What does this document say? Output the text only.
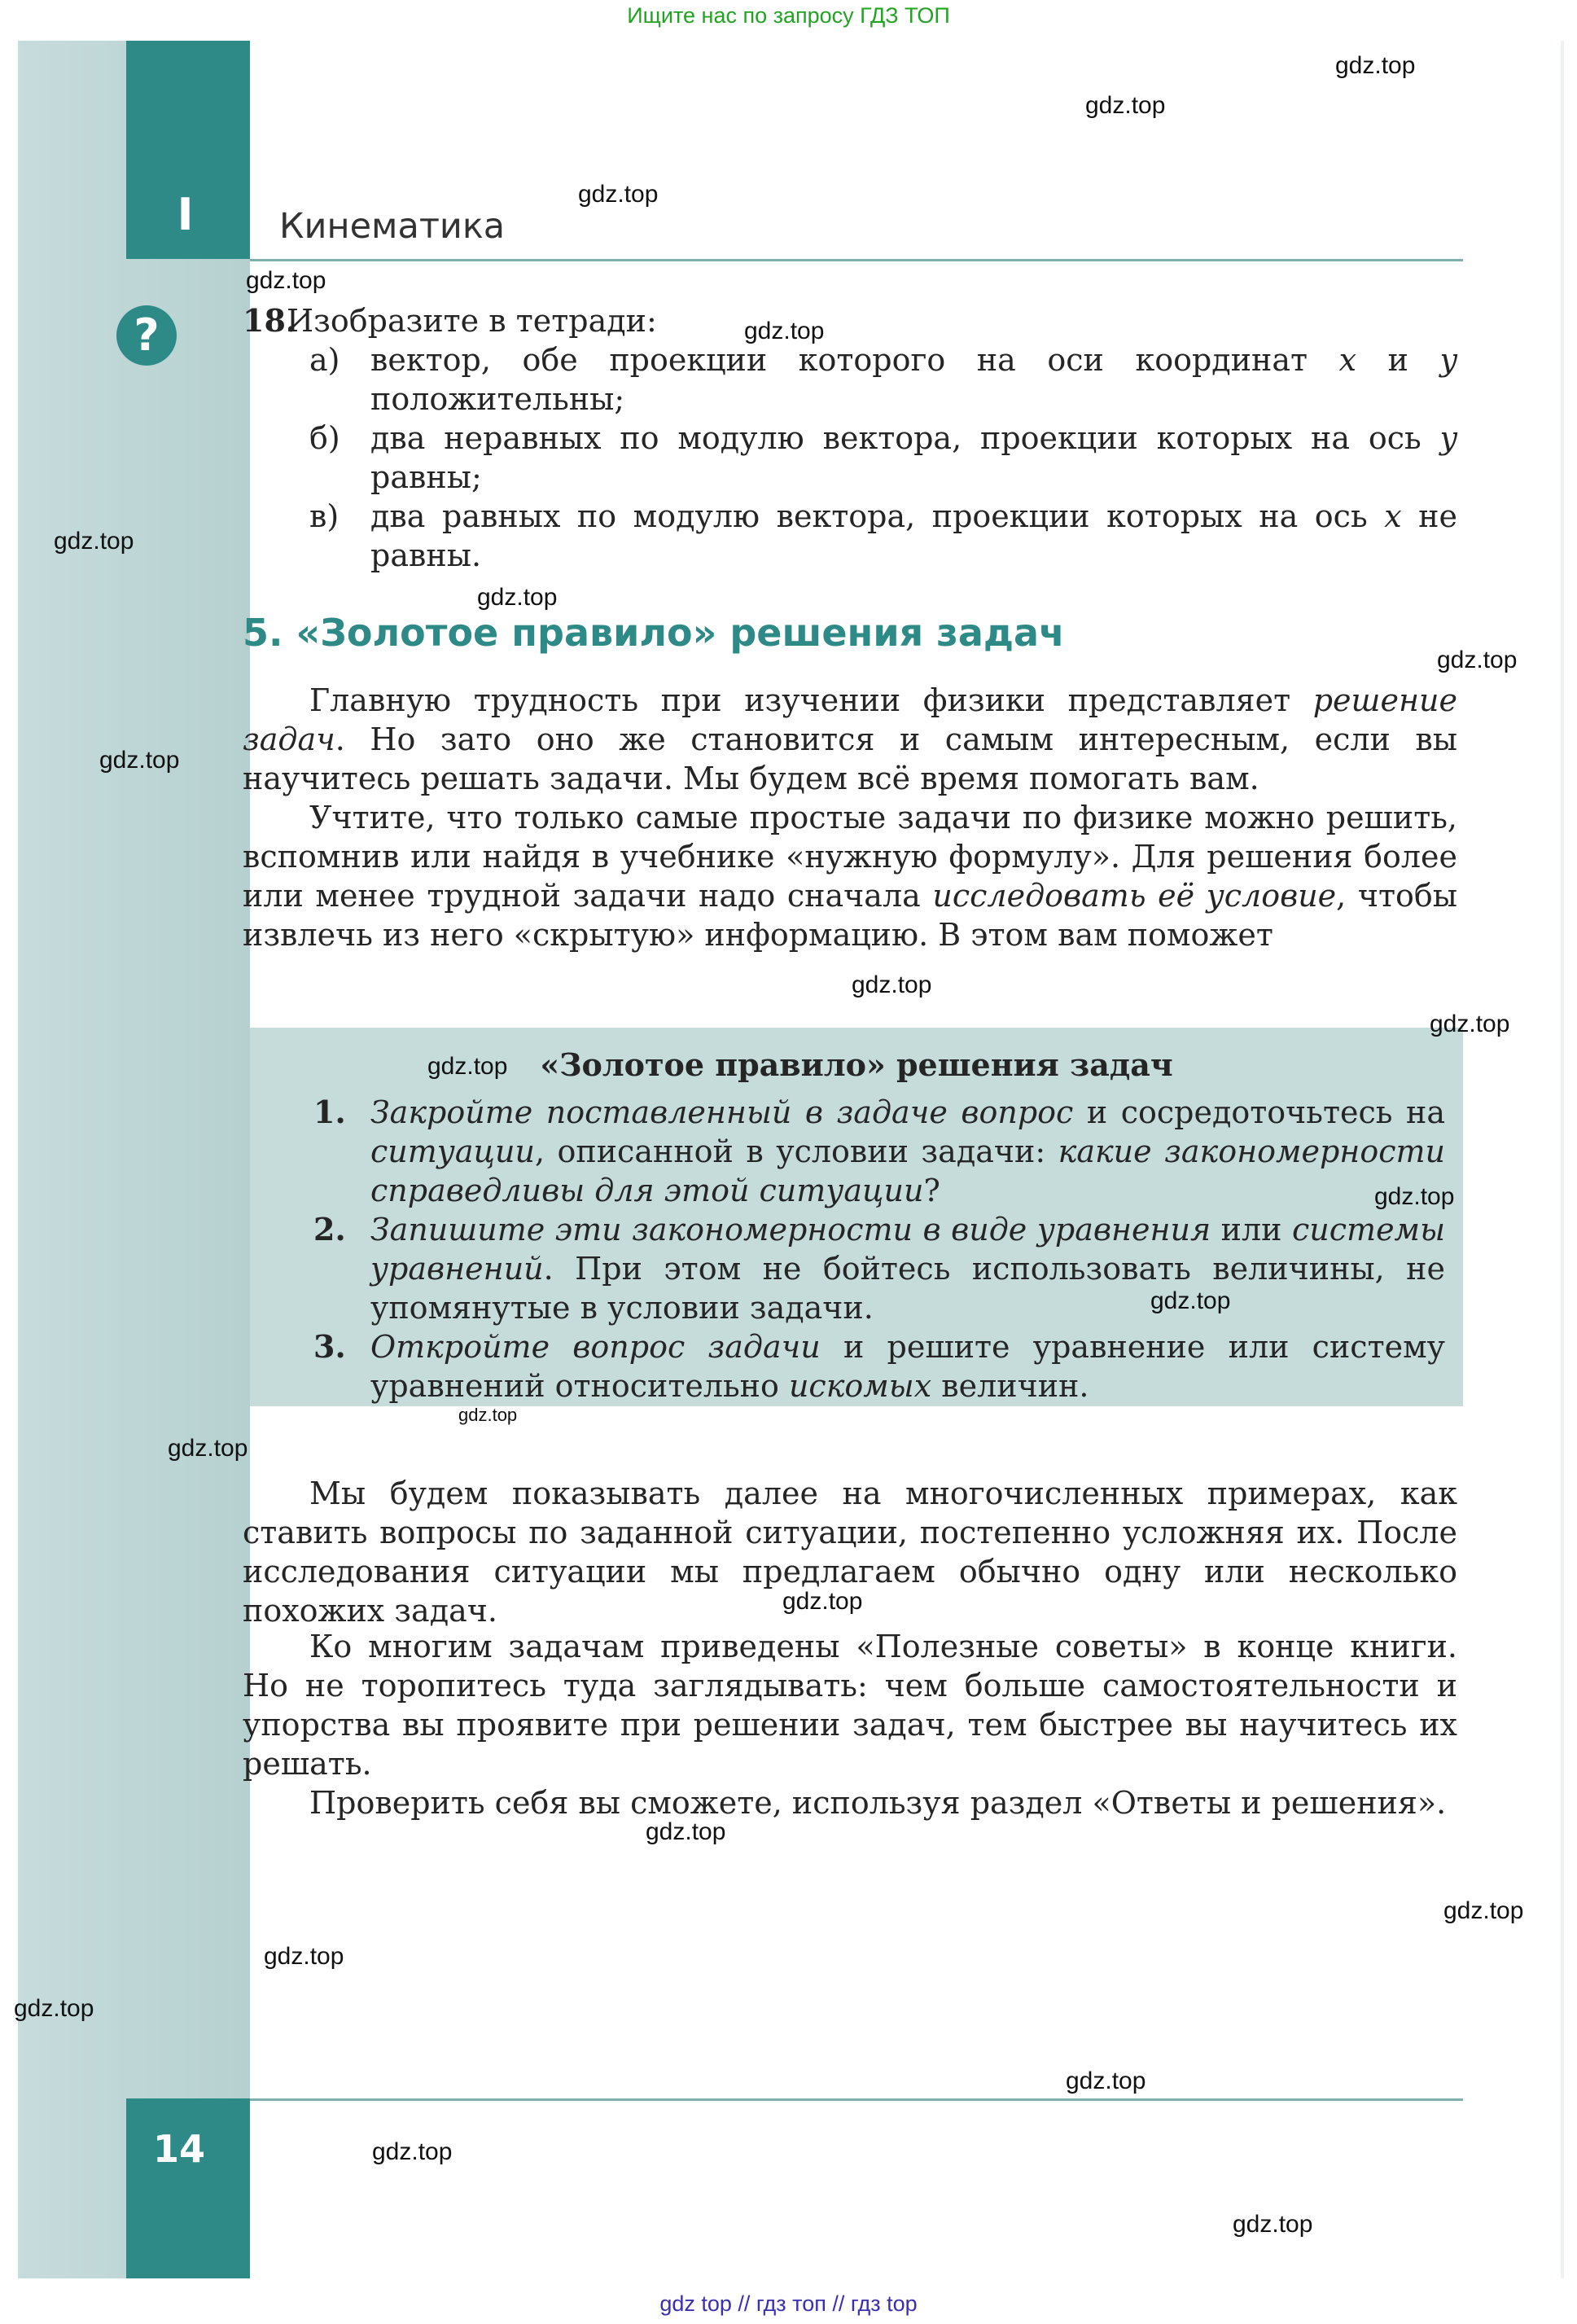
Ищите нас по запросу ГДЗ ТОП
I	Кинематика
?	18.
Изобразите в тетради:
а) вектор, обе проекции которого на оси координат x и y положительны;
б) два неравных по модулю вектора, проекции которых на ось y равны;
в) два равных по модулю вектора, проекции которых на ось x не равны.
5. «Золотое правило» решения задач
Главную трудность при изучении физики представляет решение задач. Но зато оно же становится и самым интересным, если вы научитесь решать задачи. Мы будем всё время помогать вам.
Учтите, что только самые простые задачи по физике можно решить, вспомнив или найдя в учебнике «нужную формулу». Для решения более или менее трудной задачи надо сначала исследовать её условие, чтобы извлечь из него «скрытую» информацию. В этом вам поможет
«Золотое правило» решения задач
1. Закройте поставленный в задаче вопрос и сосредоточьтесь на ситуации, описанной в условии задачи: какие закономерности справедливы для этой ситуации?
2. Запишите эти закономерности в виде уравнения или системы уравнений. При этом не бойтесь использовать величины, не упомянутые в условии задачи.
3. Откройте вопрос задачи и решите уравнение или систему уравнений относительно искомых величин.
Мы будем показывать далее на многочисленных примерах, как ставить вопросы по заданной ситуации, постепенно усложняя их. После исследования ситуации мы предлагаем обычно одну или несколько похожих задач.
Ко многим задачам приведены «Полезные советы» в конце книги. Но не торопитесь туда заглядывать: чем больше самостоятельности и упорства вы проявите при решении задач, тем быстрее вы научитесь их решать.
Проверить себя вы сможете, используя раздел «Ответы и решения».
14
gdz.top
gdz.top
gdz.top
gdz.top
gdz.top
gdz.top
gdz.top
gdz.top
gdz.top
gdz.top
gdz.top
gdz.top
gdz.top
gdz.top
gdz.top
gdz.top
gdz.top
gdz.top
gdz.top
gdz.top
gdz.top
gdz.top
gdz.top
gdz.top
gdz top // гдз топ // гдз top
